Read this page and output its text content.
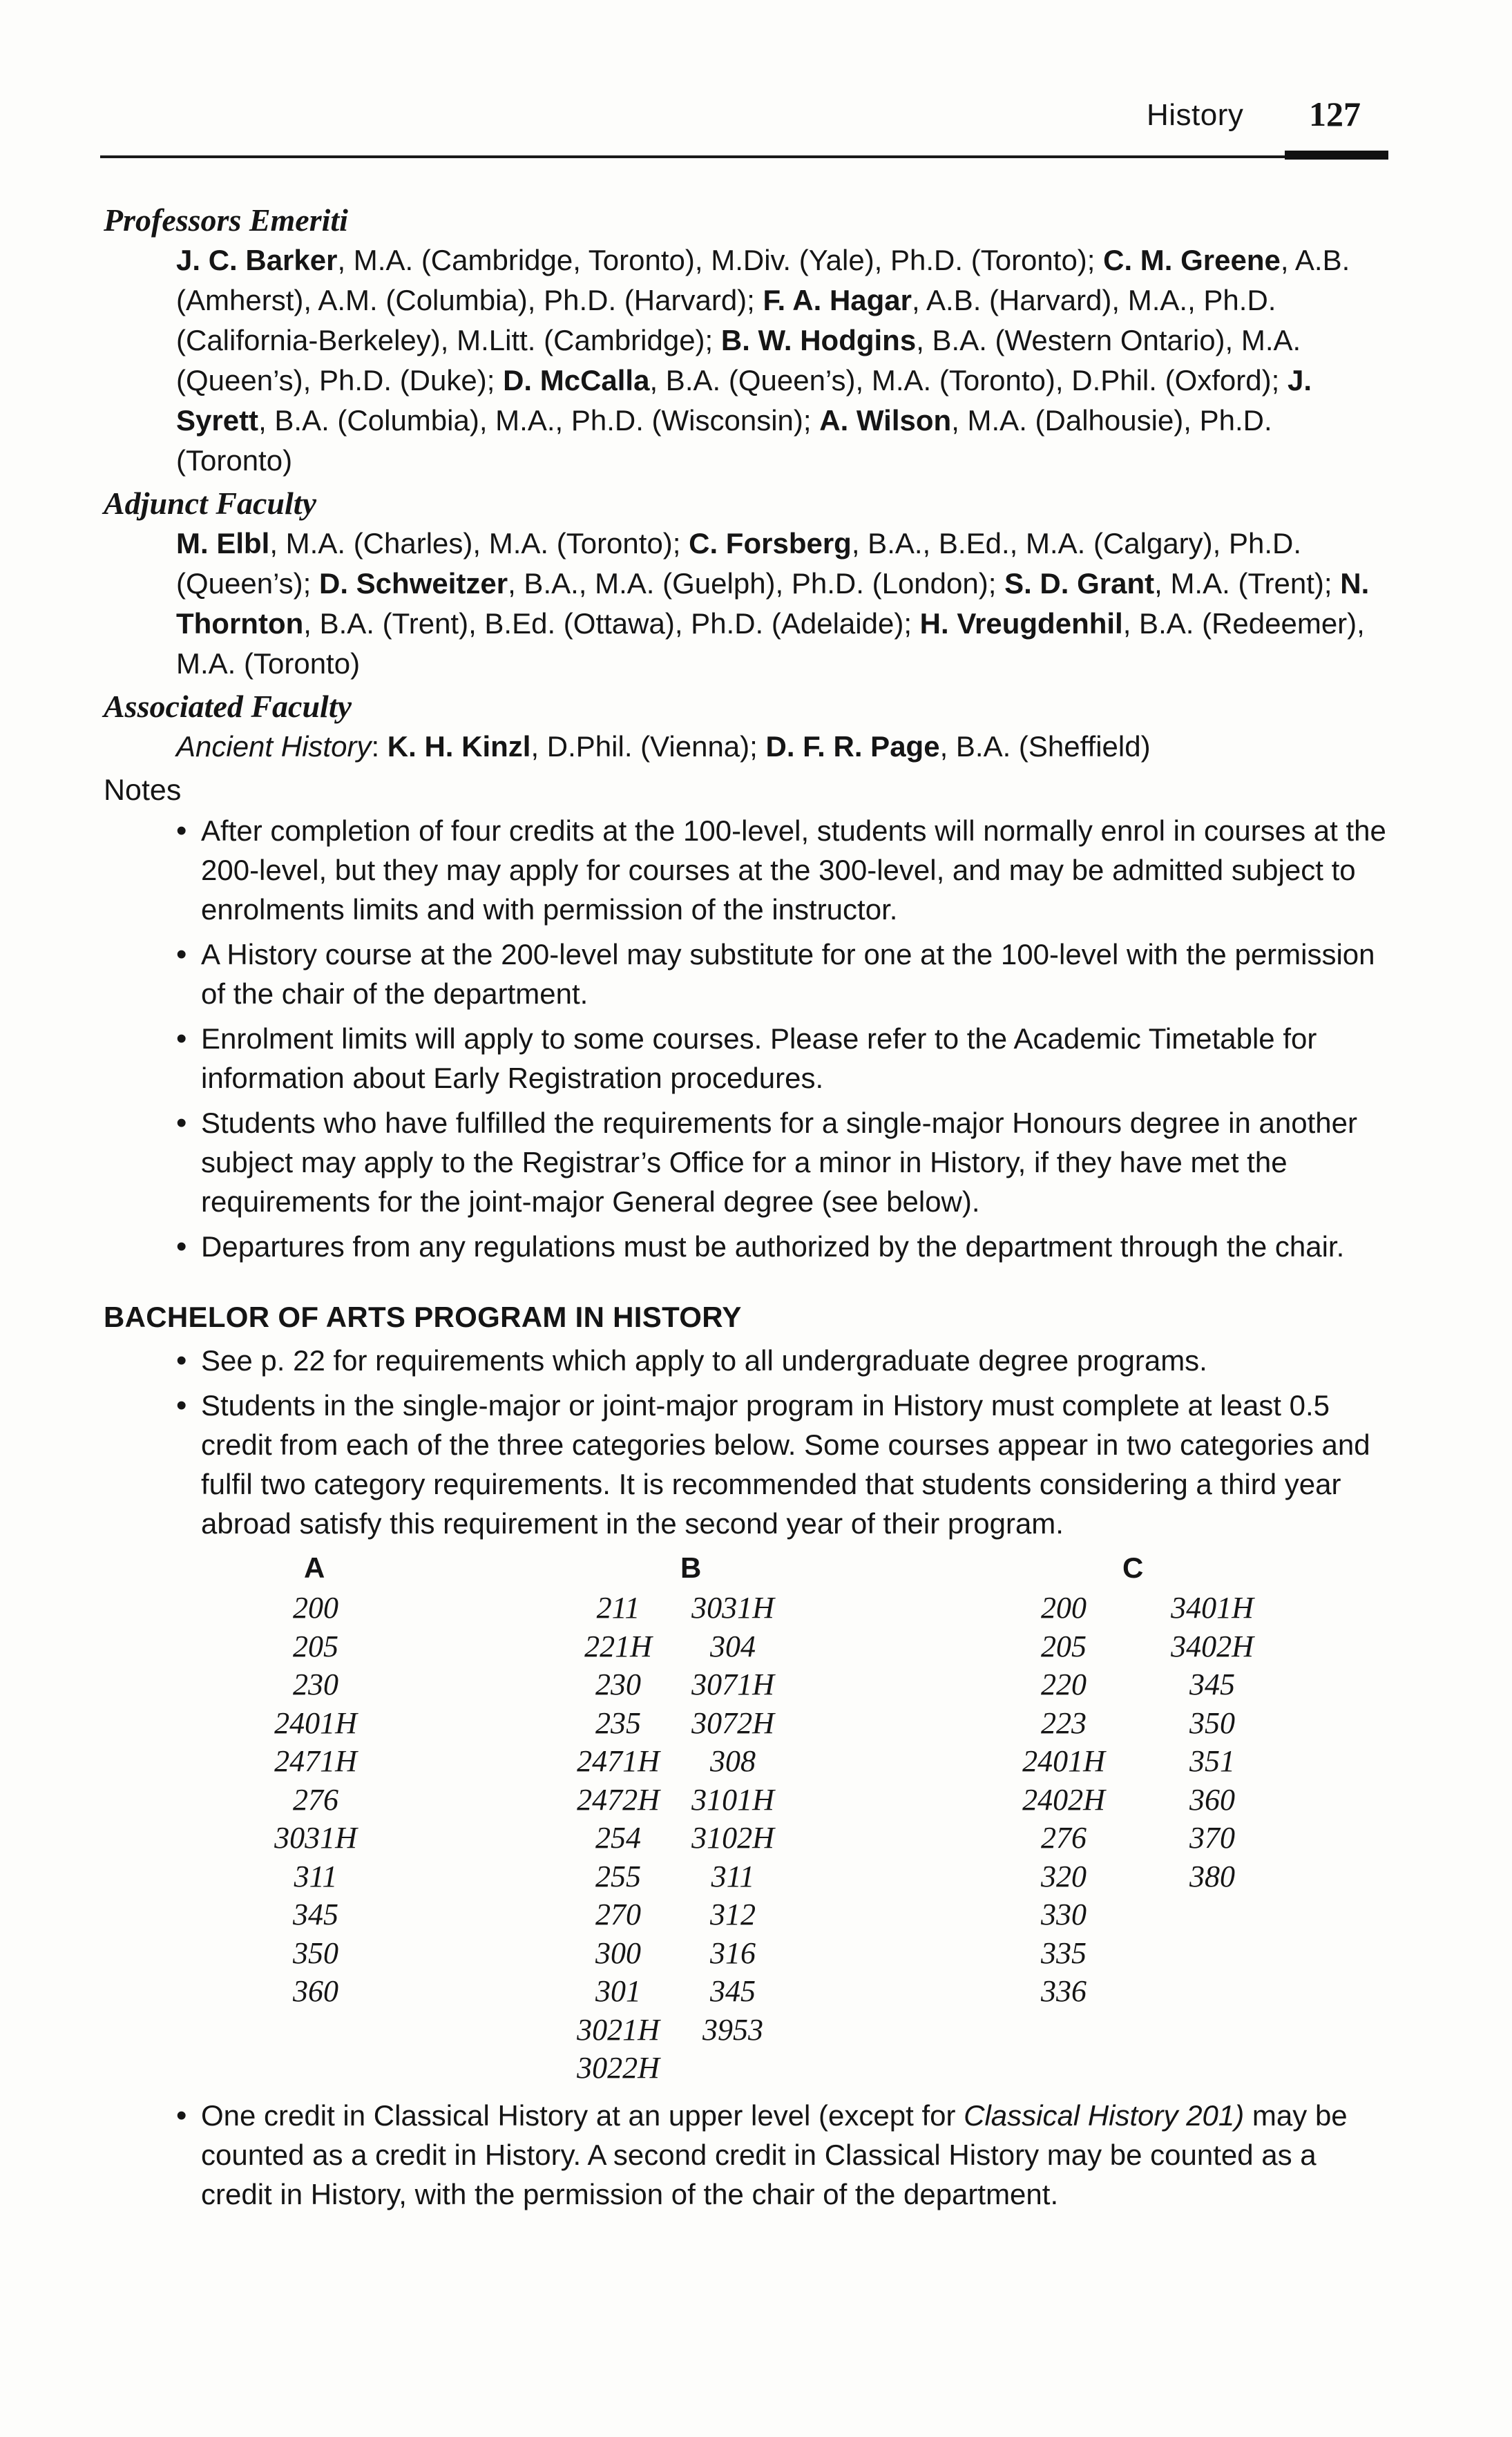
History 127
Professors Emeriti

J. C. Barker, M.A. (Cambridge, Toronto), M.Div. (Yale), Ph.D. (Toronto); C. M. Greene, A.B. (Amherst), A.M. (Columbia), Ph.D. (Harvard); F. A. Hagar, A.B. (Harvard), M.A., Ph.D. (California-Berkeley), M.Litt. (Cambridge); B. W. Hodgins, B.A. (Western Ontario), M.A. (Queen’s), Ph.D. (Duke); D. McCalla, B.A. (Queen’s), M.A. (Toronto), D.Phil. (Oxford); J. Syrett, B.A. (Columbia), M.A., Ph.D. (Wisconsin); A. Wilson, M.A. (Dalhousie), Ph.D. (Toronto)

Adjunct Faculty

M. Elbl, M.A. (Charles), M.A. (Toronto); C. Forsberg, B.A., B.Ed., M.A. (Calgary), Ph.D. (Queen’s); D. Schweitzer, B.A., M.A. (Guelph), Ph.D. (London); S. D. Grant, M.A. (Trent); N. Thornton, B.A. (Trent), B.Ed. (Ottawa), Ph.D. (Adelaide); H. Vreugdenhil, B.A. (Redeemer), M.A. (Toronto)

Associated Faculty

Ancient History: K. H. Kinzl, D.Phil. (Vienna); D. F. R. Page, B.A. (Sheffield)

Notes
• After completion of four credits at the 100-level, students will normally enrol in courses at the 200-level, but they may apply for courses at the 300-level, and may be admitted subject to enrolments limits and with permission of the instructor.
• A History course at the 200-level may substitute for one at the 100-level with the permission of the chair of the department.
• Enrolment limits will apply to some courses. Please refer to the Academic Timetable for information about Early Registration procedures.
• Students who have fulfilled the requirements for a single-major Honours degree in another subject may apply to the Registrar’s Office for a minor in History, if they have met the requirements for the joint-major General degree (see below).
• Departures from any regulations must be authorized by the department through the chair.
BACHELOR OF ARTS PROGRAM IN HISTORY
• See p. 22 for requirements which apply to all undergraduate degree programs.
• Students in the single-major or joint-major program in History must complete at least 0.5 credit from each of the three categories below. Some courses appear in two categories and fulfil two category requirements. It is recommended that students considering a third year abroad satisfy this requirement in the second year of their program.
A	B	C
200
205
230
2401H
2471H
276
3031H
311
345
350
360
211
221H
230
235
2471H
2472H
254
255
270
300
301
3021H
3022H
3031H
304
3071H
3072H
308
3101H
3102H
311
312
316
345
3953
200
205
220
223
2401H
2402H
276
320
330
335
336
3401H
3402H
345
350
351
360
370
380
• One credit in Classical History at an upper level (except for Classical History 201) may be counted as a credit in History. A second credit in Classical History may be counted as a credit in History, with the permission of the chair of the department.
